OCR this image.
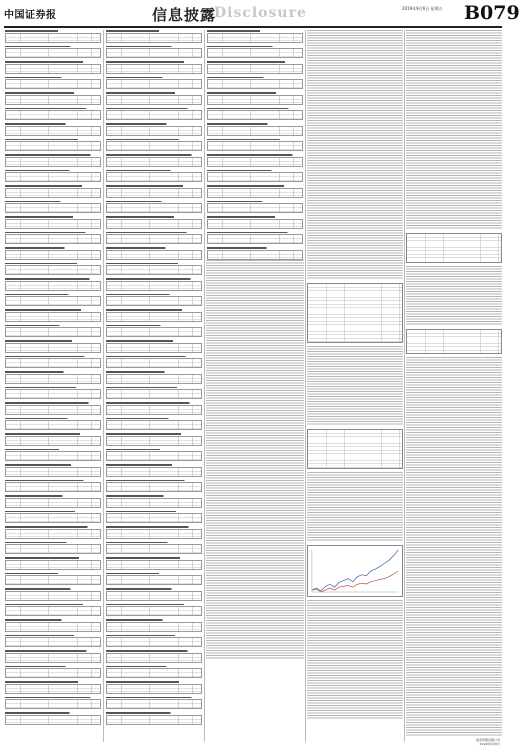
中国证券报	信息披露
Disclosure	2019年9月6日 星期五 B079
基金管理有限公司
2019年9月6日
